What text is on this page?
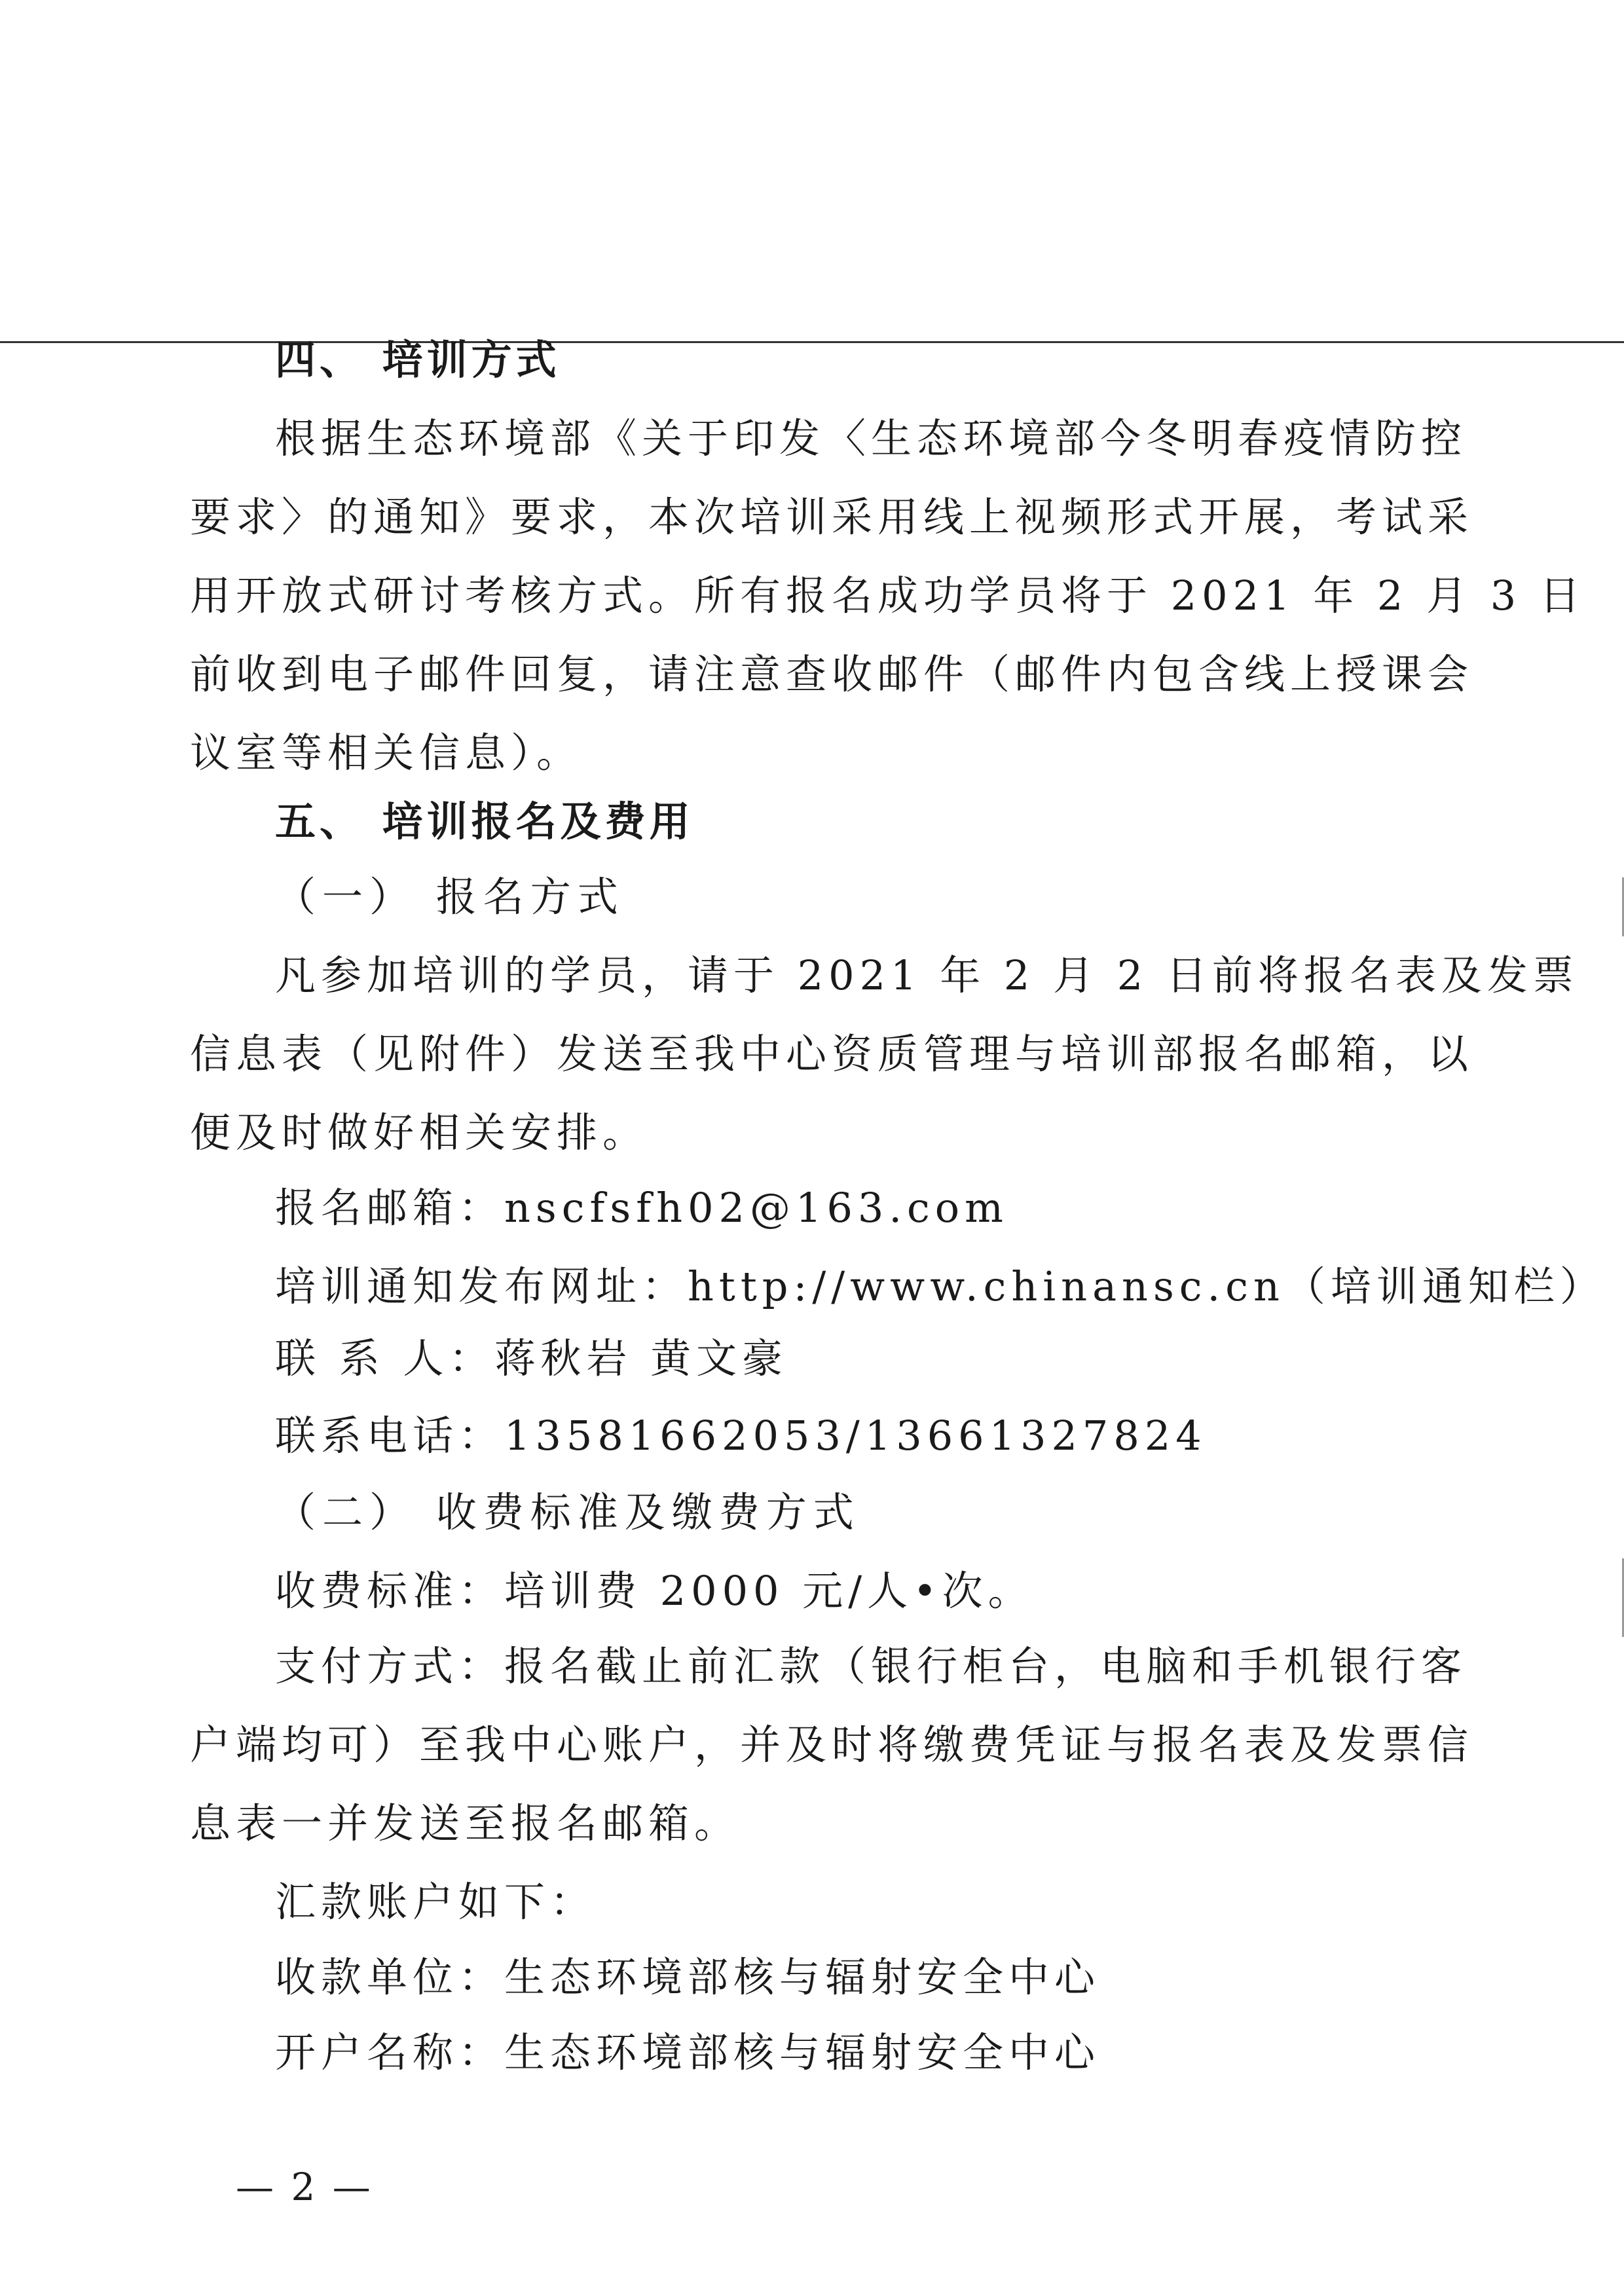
四、 培训方式
根据生态环境部《关于印发〈生态环境部今冬明春疫情防控
要求〉的通知》要求，本次培训采用线上视频形式开展，考试采
用开放式研讨考核方式。所有报名成功学员将于 2021 年 2 月 3 日
前收到电子邮件回复，请注意查收邮件（邮件内包含线上授课会
议室等相关信息）。
五、 培训报名及费用
（一） 报名方式
凡参加培训的学员，请于 2021 年 2 月 2 日前将报名表及发票
信息表（见附件）发送至我中心资质管理与培训部报名邮箱，以
便及时做好相关安排。
报名邮箱：nscfsfh02@163.com
培训通知发布网址：http://www.chinansc.cn（培训通知栏）
联 系 人：蒋秋岩 黄文豪
联系电话：13581662053/13661327824
（二） 收费标准及缴费方式
收费标准：培训费 2000 元/人•次。
支付方式：报名截止前汇款（银行柜台，电脑和手机银行客
户端均可）至我中心账户，并及时将缴费凭证与报名表及发票信
息表一并发送至报名邮箱。
汇款账户如下：
收款单位：生态环境部核与辐射安全中心
开户名称：生态环境部核与辐射安全中心
— 2 —
